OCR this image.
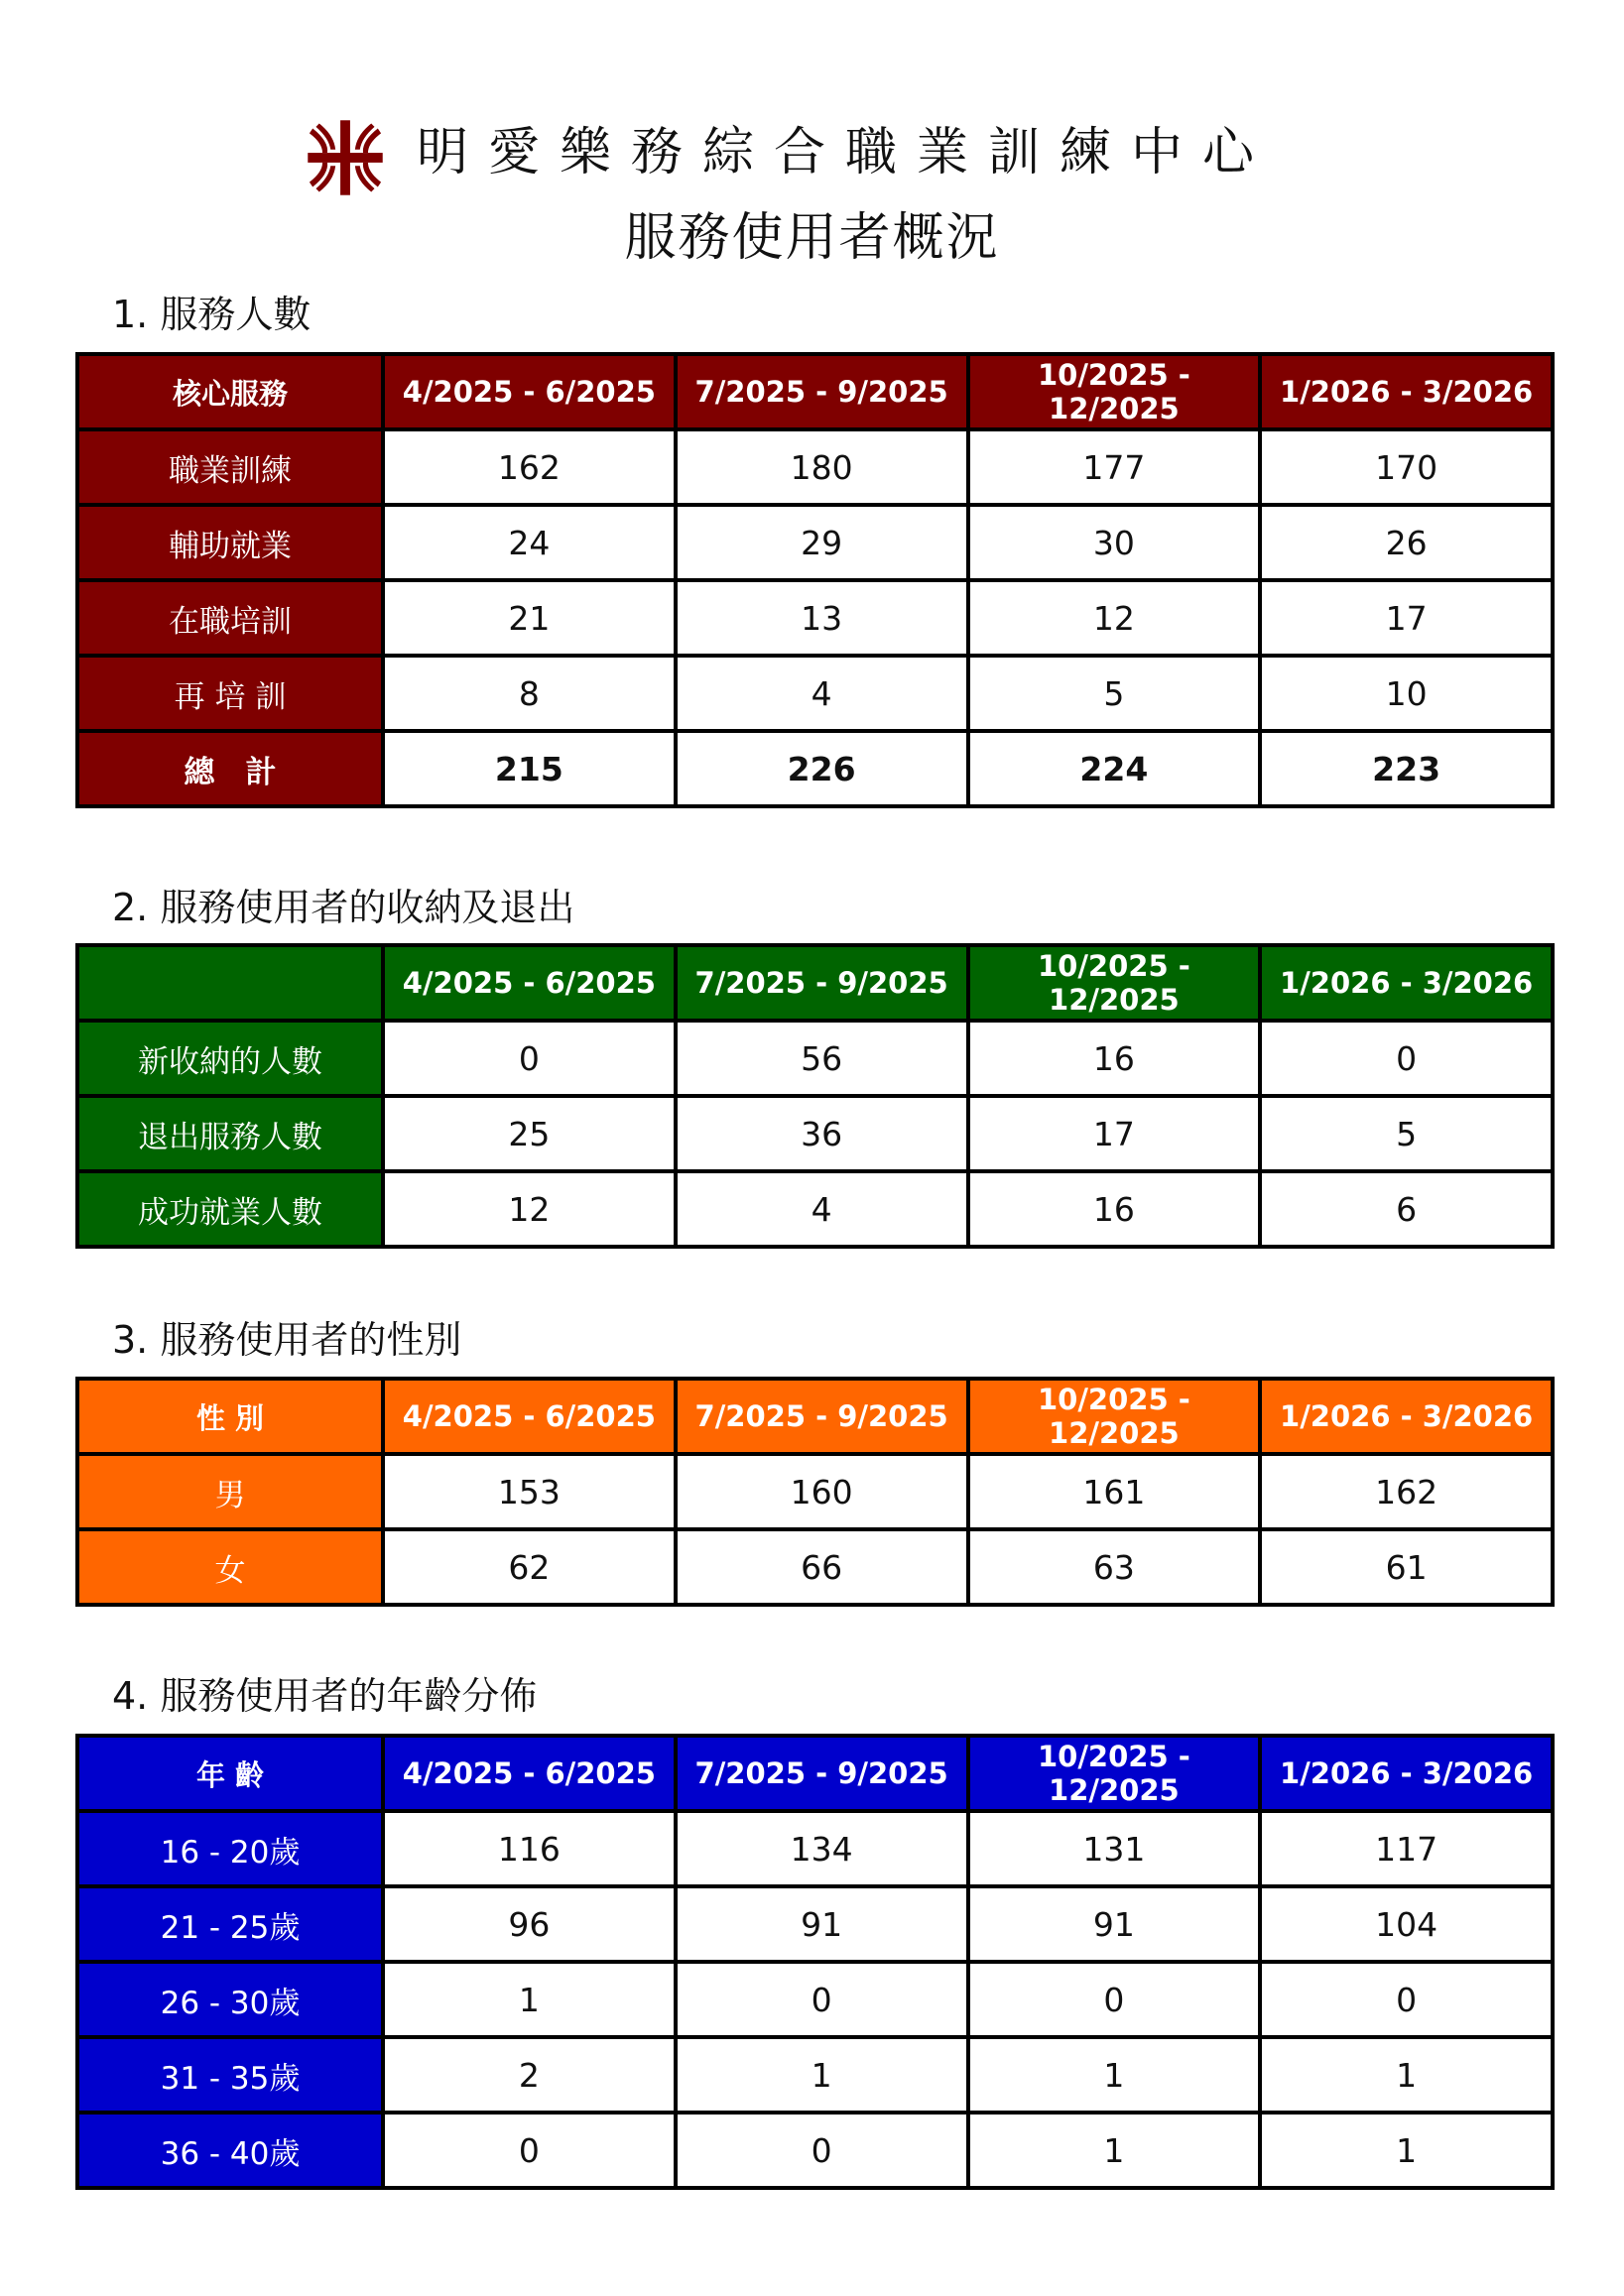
明愛樂務綜合職業訓練中心
服務使用者概況
1. 服務人數
核心服務	4/2025 - 6/2025	7/2025 - 9/2025	10/2025 - 12/2025	1/2026 - 3/2026
職業訓練	162	180	177	170
輔助就業	24	29	30	26
在職培訓	21	13	12	17
再 培 訓	8	4	5	10
總　計	215	226	224	223
2. 服務使用者的收納及退出
	4/2025 - 6/2025	7/2025 - 9/2025	10/2025 - 12/2025	1/2026 - 3/2026
新收納的人數	0	56	16	0
退出服務人數	25	36	17	5
成功就業人數	12	4	16	6
3. 服務使用者的性別
性 別	4/2025 - 6/2025	7/2025 - 9/2025	10/2025 - 12/2025	1/2026 - 3/2026
男	153	160	161	162
女	62	66	63	61
4. 服務使用者的年齡分佈
年 齡	4/2025 - 6/2025	7/2025 - 9/2025	10/2025 - 12/2025	1/2026 - 3/2026
16 - 20歲	116	134	131	117
21 - 25歲	96	91	91	104
26 - 30歲	1	0	0	0
31 - 35歲	2	1	1	1
36 - 40歲	0	0	1	1
